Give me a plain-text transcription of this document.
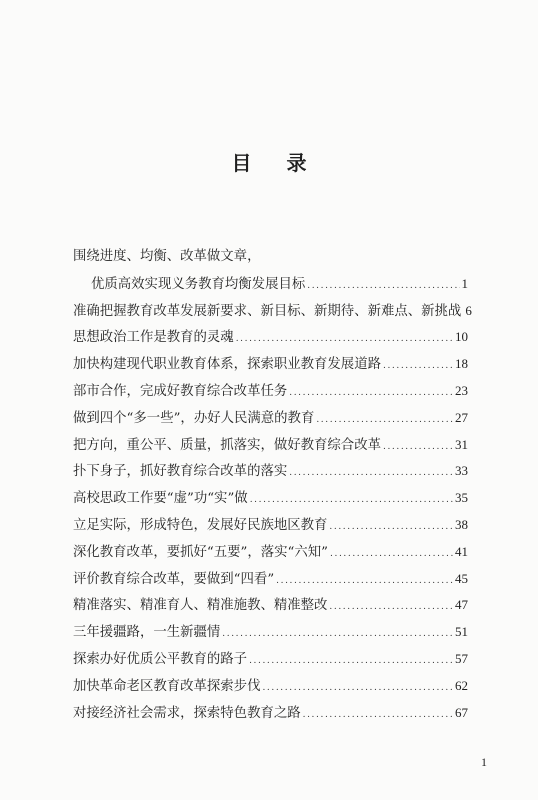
目 录
围绕进度、均衡、改革做文章，
优质高效实现义务教育均衡发展目标 .....	1
准确把握教育改革发展新要求、新目标、新期待、新难点、新挑战 6
思想政治工作是教育的灵魂 .....	10
加快构建现代职业教育体系，探索职业教育发展道路 .....	18
部市合作，完成好教育综合改革任务 .....	23
做到四个“多一些”，办好人民满意的教育 .....	27
把方向，重公平、质量，抓落实，做好教育综合改革 .....	31
扑下身子，抓好教育综合改革的落实 .....	33
高校思政工作要“虚”功“实”做 .....	35
立足实际，形成特色，发展好民族地区教育 .....	38
深化教育改革，要抓好“五要”，落实“六知” .....	41
评价教育综合改革，要做到“四看” .....	45
精准落实、精准育人、精准施教、精准整改 .....	47
三年援疆路，一生新疆情 .....	51
探索办好优质公平教育的路子 .....	57
加快革命老区教育改革探索步伐 .....	62
对接经济社会需求，探索特色教育之路 .....	67
1
